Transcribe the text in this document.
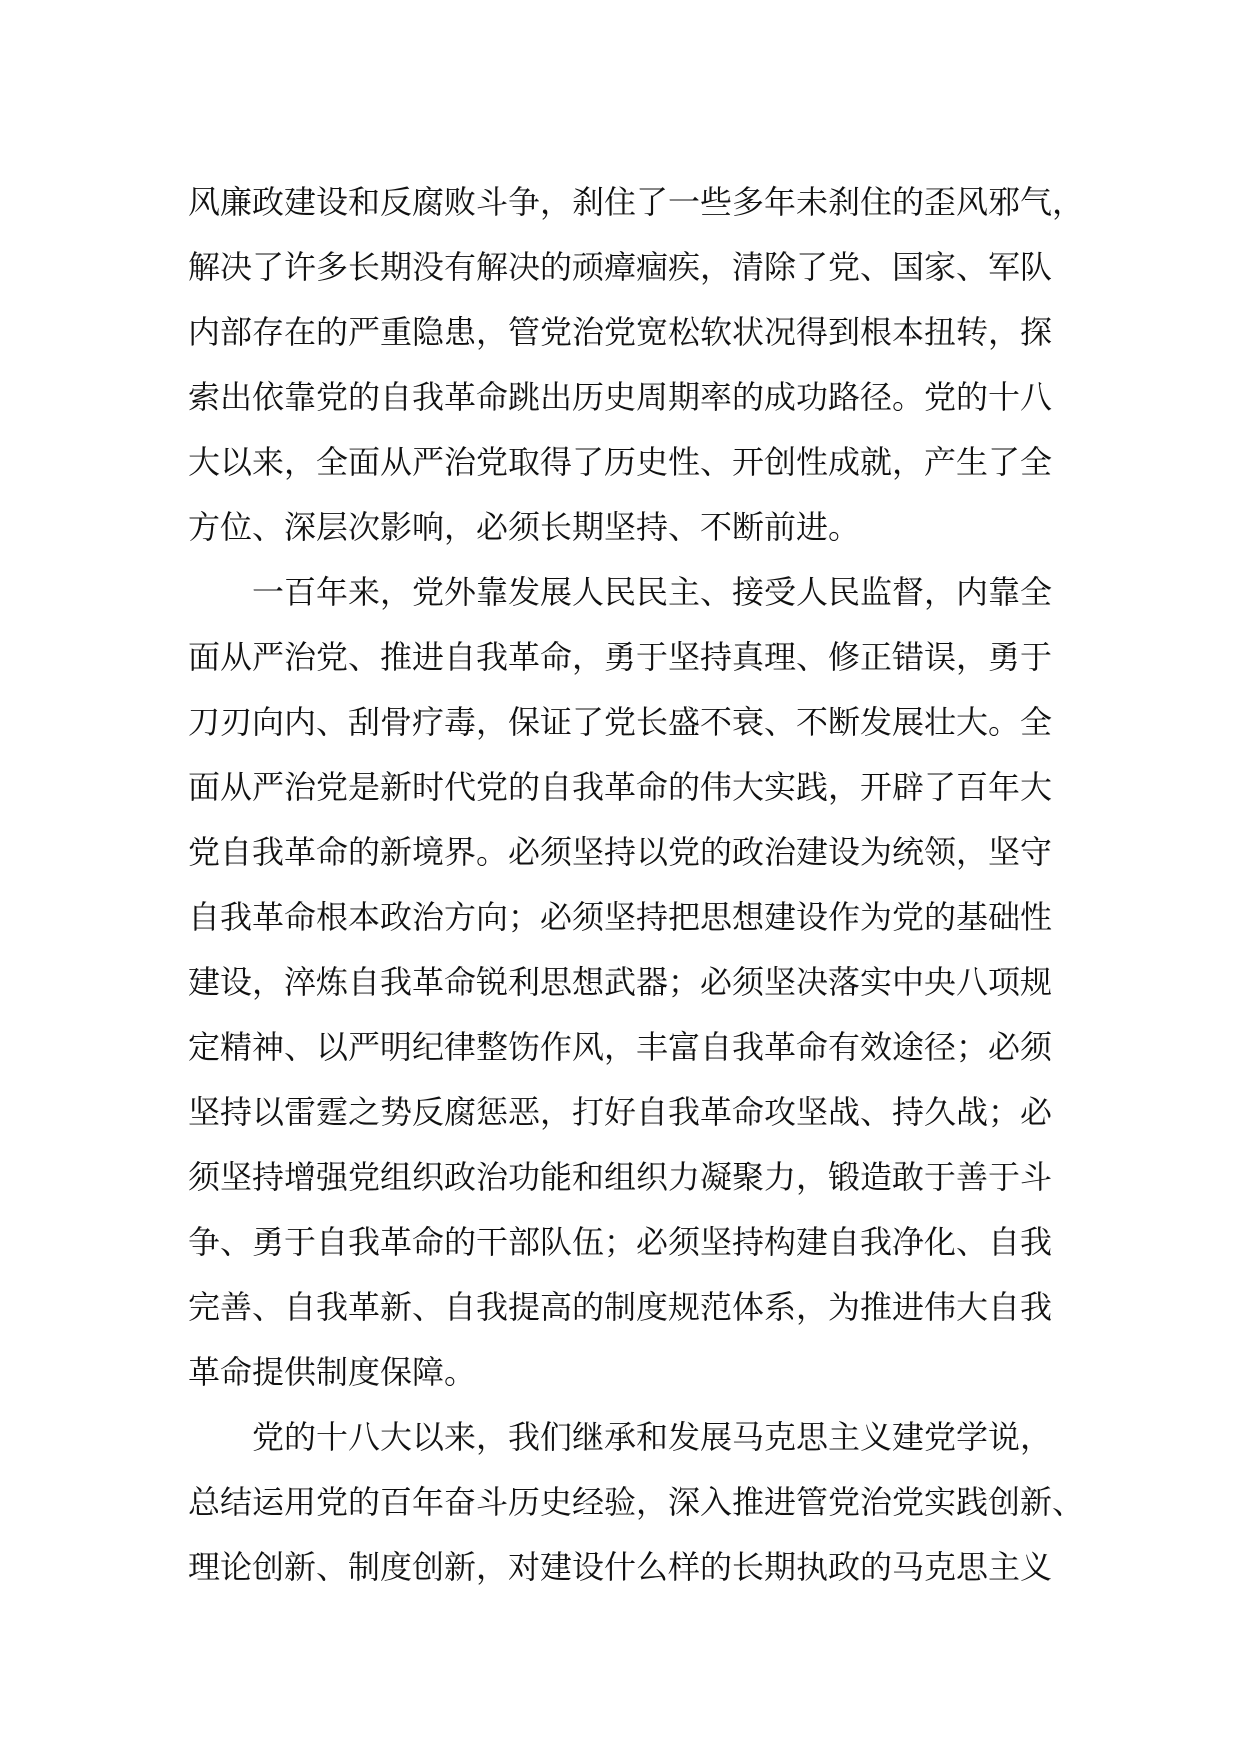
风廉政建设和反腐败斗争，刹住了一些多年未刹住的歪风邪气，
解决了许多长期没有解决的顽瘴痼疾，清除了党、国家、军队
内部存在的严重隐患，管党治党宽松软状况得到根本扭转，探
索出依靠党的自我革命跳出历史周期率的成功路径。党的十八
大以来，全面从严治党取得了历史性、开创性成就，产生了全
方位、深层次影响，必须长期坚持、不断前进。
一百年来，党外靠发展人民民主、接受人民监督，内靠全
面从严治党、推进自我革命，勇于坚持真理、修正错误，勇于
刀刃向内、刮骨疗毒，保证了党长盛不衰、不断发展壮大。全
面从严治党是新时代党的自我革命的伟大实践，开辟了百年大
党自我革命的新境界。必须坚持以党的政治建设为统领，坚守
自我革命根本政治方向；必须坚持把思想建设作为党的基础性
建设，淬炼自我革命锐利思想武器；必须坚决落实中央八项规
定精神、以严明纪律整饬作风，丰富自我革命有效途径；必须
坚持以雷霆之势反腐惩恶，打好自我革命攻坚战、持久战；必
须坚持增强党组织政治功能和组织力凝聚力，锻造敢于善于斗
争、勇于自我革命的干部队伍；必须坚持构建自我净化、自我
完善、自我革新、自我提高的制度规范体系，为推进伟大自我
革命提供制度保障。
党的十八大以来，我们继承和发展马克思主义建党学说，
总结运用党的百年奋斗历史经验，深入推进管党治党实践创新、
理论创新、制度创新，对建设什么样的长期执政的马克思主义
